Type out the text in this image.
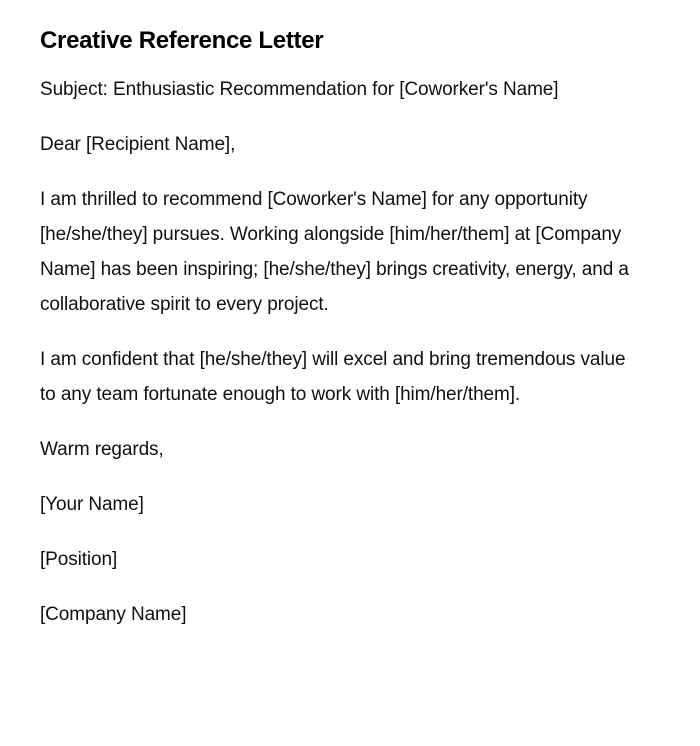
Creative Reference Letter

Subject: Enthusiastic Recommendation for [Coworker's Name]

Dear [Recipient Name],

I am thrilled to recommend [Coworker's Name] for any opportunity [he/she/they] pursues. Working alongside [him/her/them] at [Company Name] has been inspiring; [he/she/they] brings creativity, energy, and a collaborative spirit to every project.

I am confident that [he/she/they] will excel and bring tremendous value to any team fortunate enough to work with [him/her/them].

Warm regards,

[Your Name]

[Position]

[Company Name]
